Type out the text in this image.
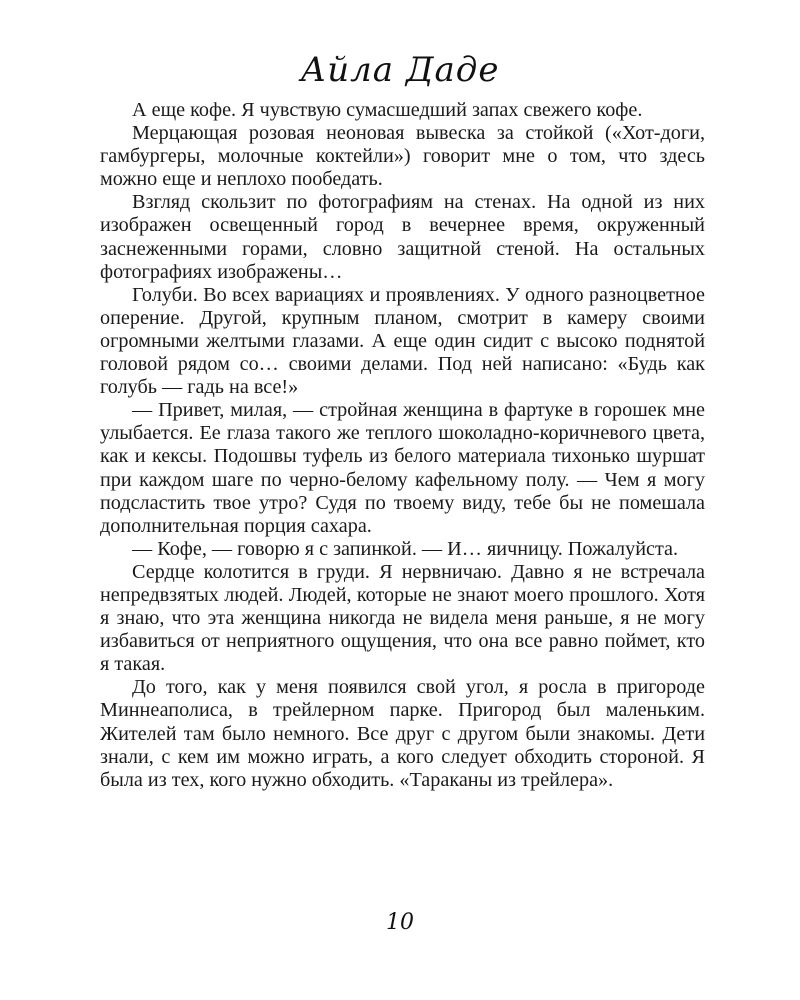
Айла Даде

А еще кофе. Я чувствую сумасшедший запах свежего кофе.

Мерцающая розовая неоновая вывеска за стойкой («Хот-доги, гамбургеры, молочные коктейли») говорит мне о том, что здесь можно еще и неплохо пообедать.

Взгляд скользит по фотографиям на стенах. На одной из них изображен освещенный город в вечернее время, окруженный заснеженными горами, словно защитной стеной. На остальных фотографиях изображены…

Голуби. Во всех вариациях и проявлениях. У одного разноцветное оперение. Другой, крупным планом, смотрит в камеру своими огромными желтыми глазами. А еще один сидит с высоко поднятой головой рядом со… своими делами. Под ней написано: «Будь как голубь — гадь на все!»

— Привет, милая, — стройная женщина в фартуке в горошек мне улыбается. Ее глаза такого же теплого шоколадно-коричневого цвета, как и кексы. Подошвы туфель из белого материала тихонько шуршат при каждом шаге по черно-белому кафельному полу. — Чем я могу подсластить твое утро? Судя по твоему виду, тебе бы не помешала дополнительная порция сахара.

— Кофе, — говорю я с запинкой. — И… яичницу. Пожалуйста.

Сердце колотится в груди. Я нервничаю. Давно я не встречала непредвзятых людей. Людей, которые не знают моего прошлого. Хотя я знаю, что эта женщина никогда не видела меня раньше, я не могу избавиться от неприятного ощущения, что она все равно поймет, кто я такая.

До того, как у меня появился свой угол, я росла в пригороде Миннеаполиса, в трейлерном парке. Пригород был маленьким. Жителей там было немного. Все друг с другом были знакомы. Дети знали, с кем им можно играть, а кого следует обходить стороной. Я была из тех, кого нужно обходить. «Тараканы из трейлера».

10
